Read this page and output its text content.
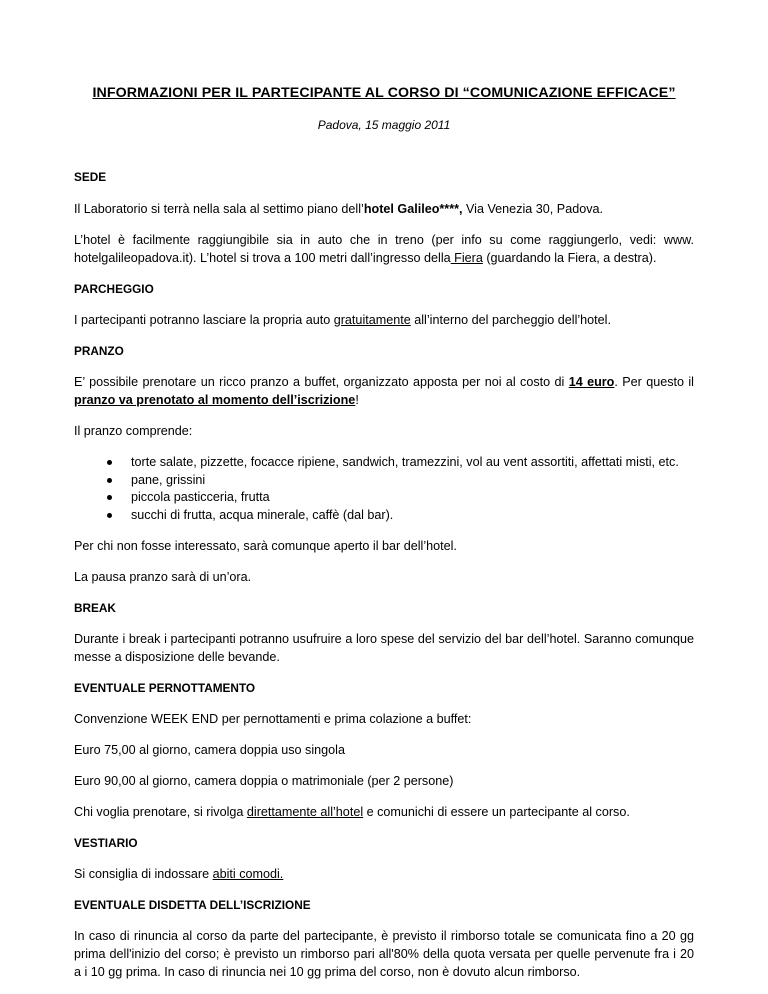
INFORMAZIONI PER IL PARTECIPANTE AL CORSO DI “COMUNICAZIONE EFFICACE”
Padova, 15 maggio 2011
SEDE

Il Laboratorio si terrà nella sala al settimo piano dell’hotel Galileo****, Via Venezia 30, Padova.

L’hotel è facilmente raggiungibile sia in auto che in treno (per info su come raggiungerlo, vedi: www. hotelgalileopadova.it). L’hotel si trova a 100 metri dall’ingresso della Fiera (guardando la Fiera, a destra).

PARCHEGGIO

I partecipanti potranno lasciare la propria auto gratuitamente all’interno del parcheggio dell’hotel.

PRANZO

E’ possibile prenotare un ricco pranzo a buffet, organizzato apposta per noi al costo di 14 euro. Per questo il pranzo va prenotato al momento dell’iscrizione!

Il pranzo comprende:

torte salate, pizzette, focacce ripiene, sandwich, tramezzini, vol au vent assortiti, affettati misti, etc.
pane, grissini
piccola pasticceria, frutta
succhi di frutta, acqua minerale, caffè (dal bar).

Per chi non fosse interessato, sarà comunque aperto il bar dell’hotel.

La pausa pranzo sarà di un’ora.

BREAK

Durante i break i partecipanti potranno usufruire a loro spese del servizio del bar dell’hotel. Saranno comunque messe a disposizione delle bevande.

EVENTUALE PERNOTTAMENTO

Convenzione WEEK END per pernottamenti e prima colazione a buffet:

Euro 75,00 al giorno, camera doppia uso singola

Euro 90,00 al giorno, camera doppia o matrimoniale (per 2 persone)

Chi voglia prenotare, si rivolga direttamente all’hotel e comunichi di essere un partecipante al corso.

VESTIARIO

Si consiglia di indossare abiti comodi.

EVENTUALE DISDETTA DELL’ISCRIZIONE

In caso di rinuncia al corso da parte del partecipante, è previsto il rimborso totale se comunicata fino a 20 gg prima dell'inizio del corso; è previsto un rimborso pari all'80% della quota versata per quelle pervenute fra i 20 a i 10 gg prima. In caso di rinuncia nei 10 gg prima del corso, non è dovuto alcun rimborso.
